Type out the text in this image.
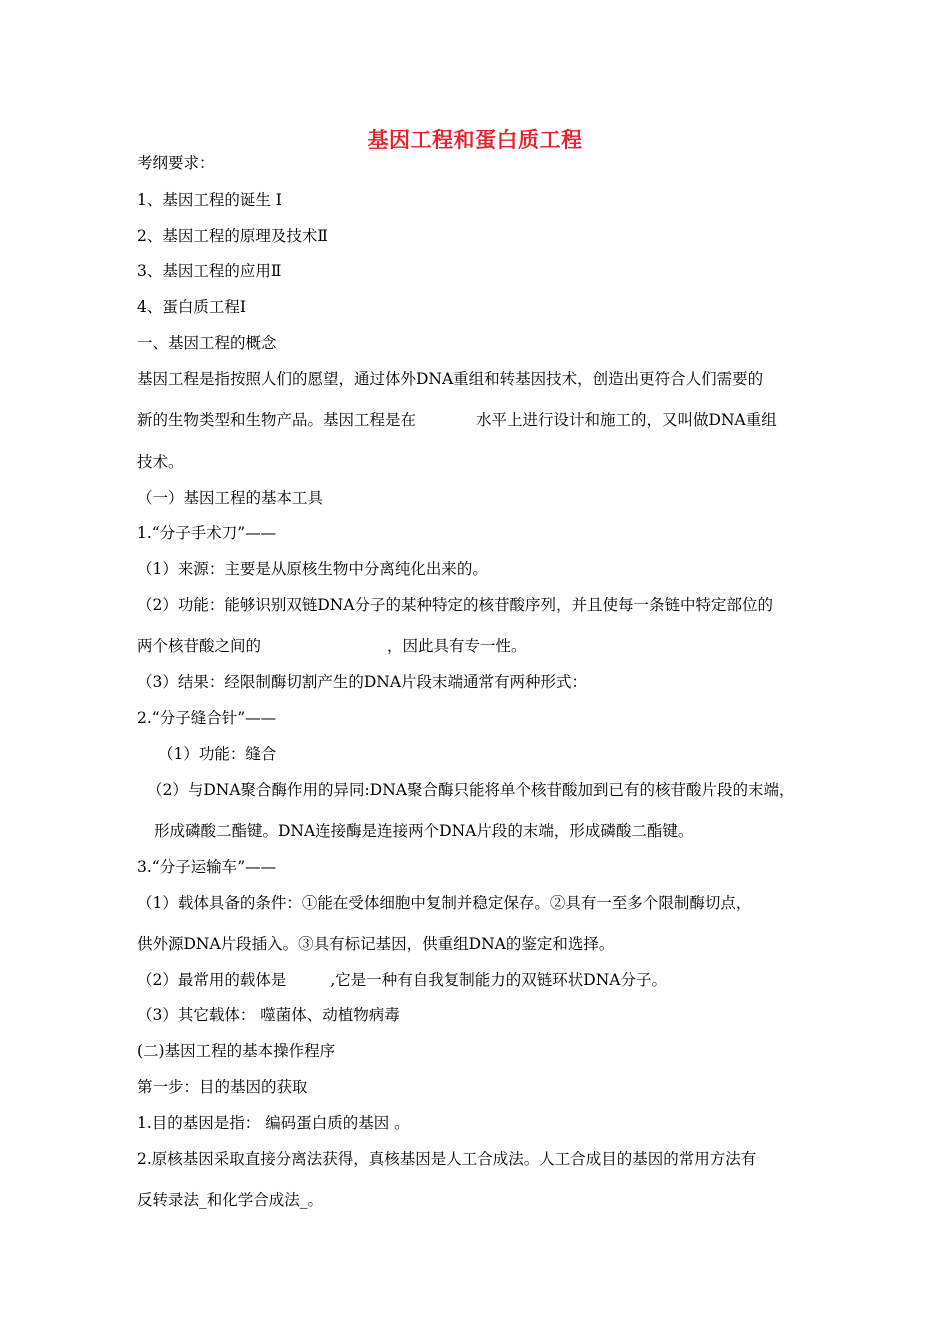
基因工程和蛋白质工程
考纲要求：
1、基因工程的诞生 Ⅰ
2、基因工程的原理及技术Ⅱ
3、基因工程的应用Ⅱ
4、蛋白质工程Ⅰ
一、基因工程的概念
基因工程是指按照人们的愿望，通过体外DNA重组和转基因技术，创造出更符合人们需要的
新的生物类型和生物产品。基因工程是在	水平上进行设计和施工的，又叫做DNA重组
技术。
（一）基因工程的基本工具
1.“分子手术刀”——
（1）来源：主要是从原核生物中分离纯化出来的。
（2）功能：能够识别双链DNA分子的某种特定的核苷酸序列，并且使每一条链中特定部位的
两个核苷酸之间的	，因此具有专一性。
（3）结果：经限制酶切割产生的DNA片段末端通常有两种形式：
2.“分子缝合针”——
（1）功能：缝合
（2）与DNA聚合酶作用的异同:DNA聚合酶只能将单个核苷酸加到已有的核苷酸片段的末端，
形成磷酸二酯键。DNA连接酶是连接两个DNA片段的末端，形成磷酸二酯键。
3.“分子运输车”——
（1）载体具备的条件：①能在受体细胞中复制并稳定保存。②具有一至多个限制酶切点，
供外源DNA片段插入。③具有标记基因，供重组DNA的鉴定和选择。
（2）最常用的载体是	,它是一种有自我复制能力的双链环状DNA分子。
（3）其它载体： 噬菌体、动植物病毒
(二)基因工程的基本操作程序
第一步：目的基因的获取
1.目的基因是指： 编码蛋白质的基因 。
2.原核基因采取直接分离法获得，真核基因是人工合成法。人工合成目的基因的常用方法有
反转录法_和化学合成法_。
